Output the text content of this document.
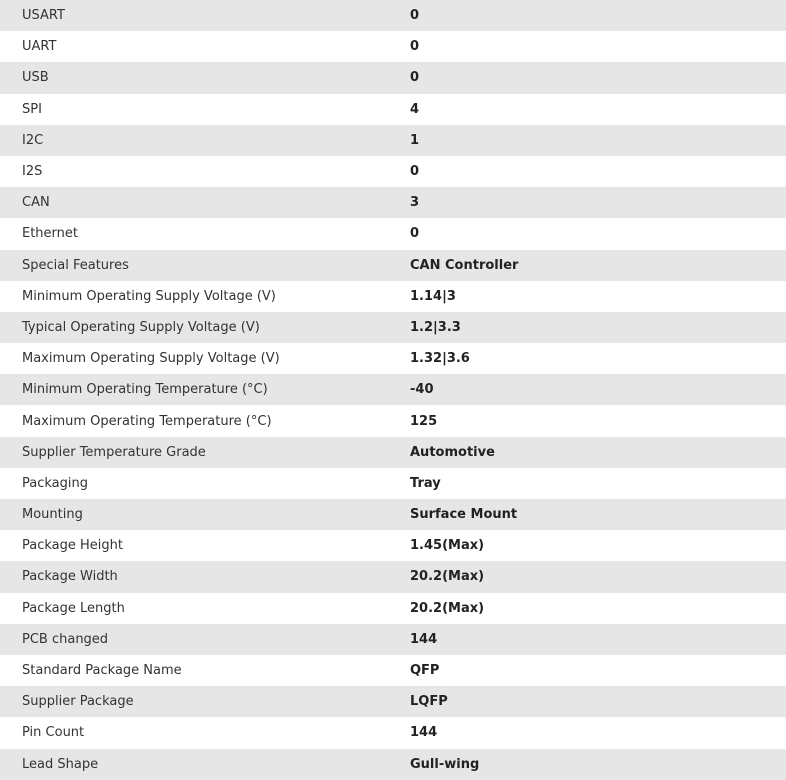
USART	0
UART	0
USB	0
SPI	4
I2C	1
I2S	0
CAN	3
Ethernet	0
Special Features	CAN Controller
Minimum Operating Supply Voltage (V)	1.14|3
Typical Operating Supply Voltage (V)	1.2|3.3
Maximum Operating Supply Voltage (V)	1.32|3.6
Minimum Operating Temperature (°C)	-40
Maximum Operating Temperature (°C)	125
Supplier Temperature Grade	Automotive
Packaging	Tray
Mounting	Surface Mount
Package Height	1.45(Max)
Package Width	20.2(Max)
Package Length	20.2(Max)
PCB changed	144
Standard Package Name	QFP
Supplier Package	LQFP
Pin Count	144
Lead Shape	Gull-wing
